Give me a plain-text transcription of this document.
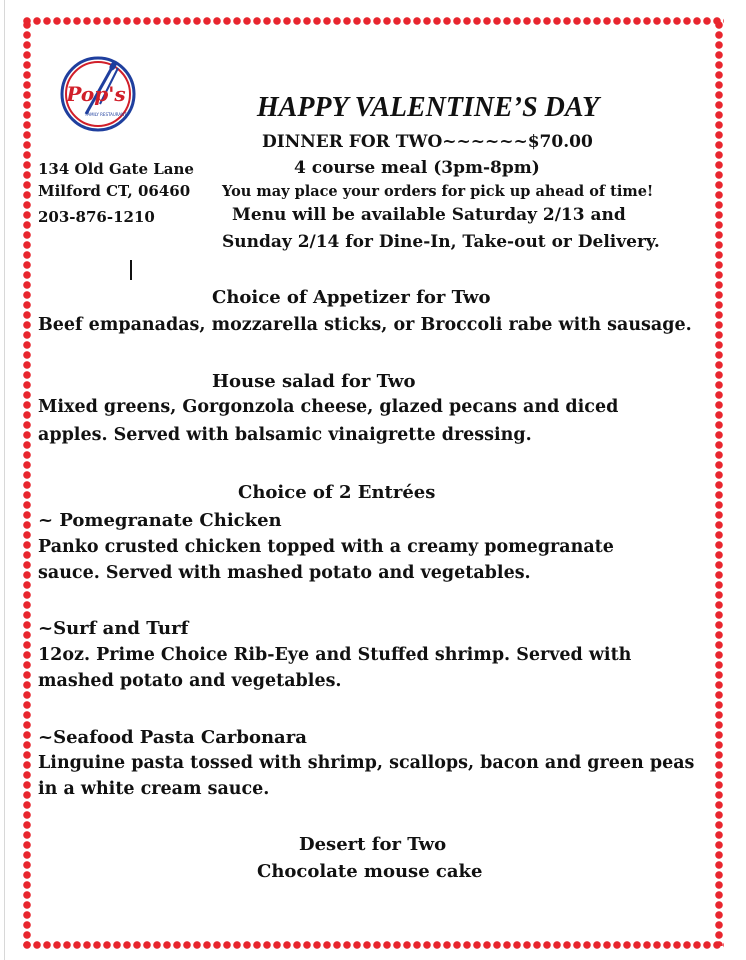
Pop's
FAMILY RESTAURANT	HAPPY VALENTINE’S DAY
DINNER FOR TWO~~~~~~$70.00
4 course meal (3pm-8pm)
You may place your orders for pick up ahead of time!
Menu will be available Saturday 2/13 and
Sunday 2/14 for Dine-In, Take-out or Delivery.
134 Old Gate Lane
Milford CT, 06460
203-876-1210
Choice of Appetizer for Two
Beef empanadas, mozzarella sticks, or Broccoli rabe with sausage.
House salad for Two
Mixed greens, Gorgonzola cheese, glazed pecans and diced
apples. Served with balsamic vinaigrette dressing.
Choice of 2 Entrées
~ Pomegranate Chicken
Panko crusted chicken topped with a creamy pomegranate
sauce. Served with mashed potato and vegetables.
~Surf and Turf
12oz. Prime Choice Rib-Eye and Stuffed shrimp. Served with
mashed potato and vegetables.
~Seafood Pasta Carbonara
Linguine pasta tossed with shrimp, scallops, bacon and green peas
in a white cream sauce.
Desert for Two
Chocolate mouse cake
